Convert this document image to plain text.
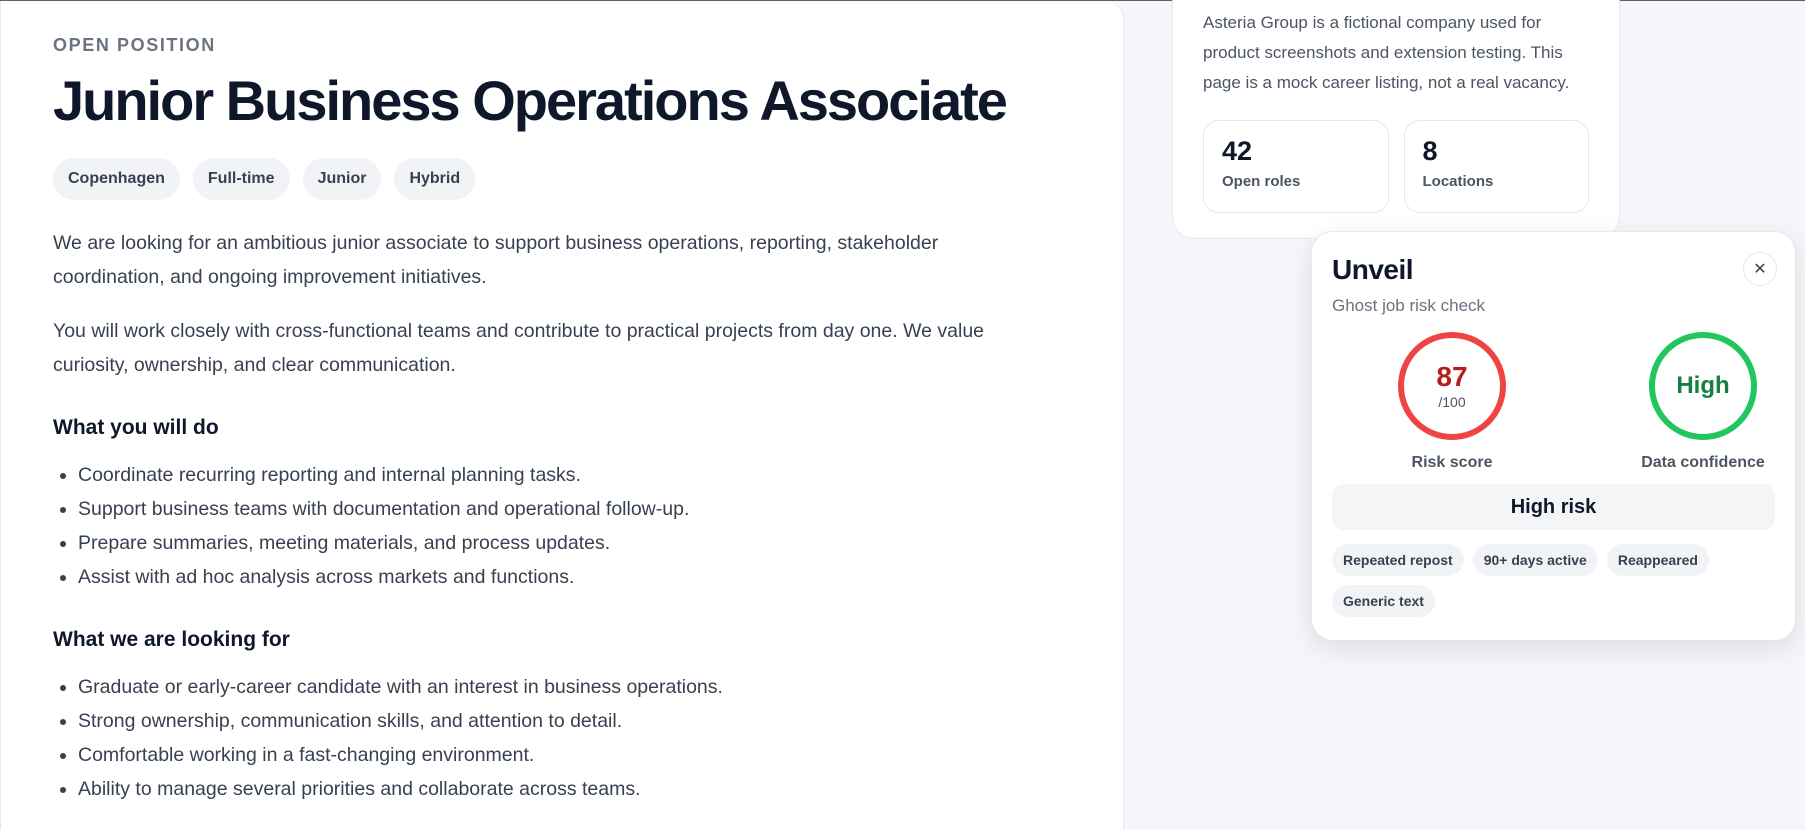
OPEN POSITION
Junior Business Operations Associate
Copenhagen	Full-time	Junior	Hybrid

We are looking for an ambitious junior associate to support business operations, reporting, stakeholder coordination, and ongoing improvement initiatives.

You will work closely with cross-functional teams and contribute to practical projects from day one. We value curiosity, ownership, and clear communication.

What you will do
• Coordinate recurring reporting and internal planning tasks.
• Support business teams with documentation and operational follow-up.
• Prepare summaries, meeting materials, and process updates.
• Assist with ad hoc analysis across markets and functions.
What we are looking for
• Graduate or early-career candidate with an interest in business operations.
• Strong ownership, communication skills, and attention to detail.
• Comfortable working in a fast-changing environment.
• Ability to manage several priorities and collaborate across teams.

Asteria Group is a fictional company used for product screenshots and extension testing. This page is a mock career listing, not a real vacancy.

42
Open roles
8
Locations
Unveil
Ghost job risk check
✕
87
/100
Risk score
High
Data confidence
High risk
Repeated repost	90+ days active	Reappeared
Generic text
